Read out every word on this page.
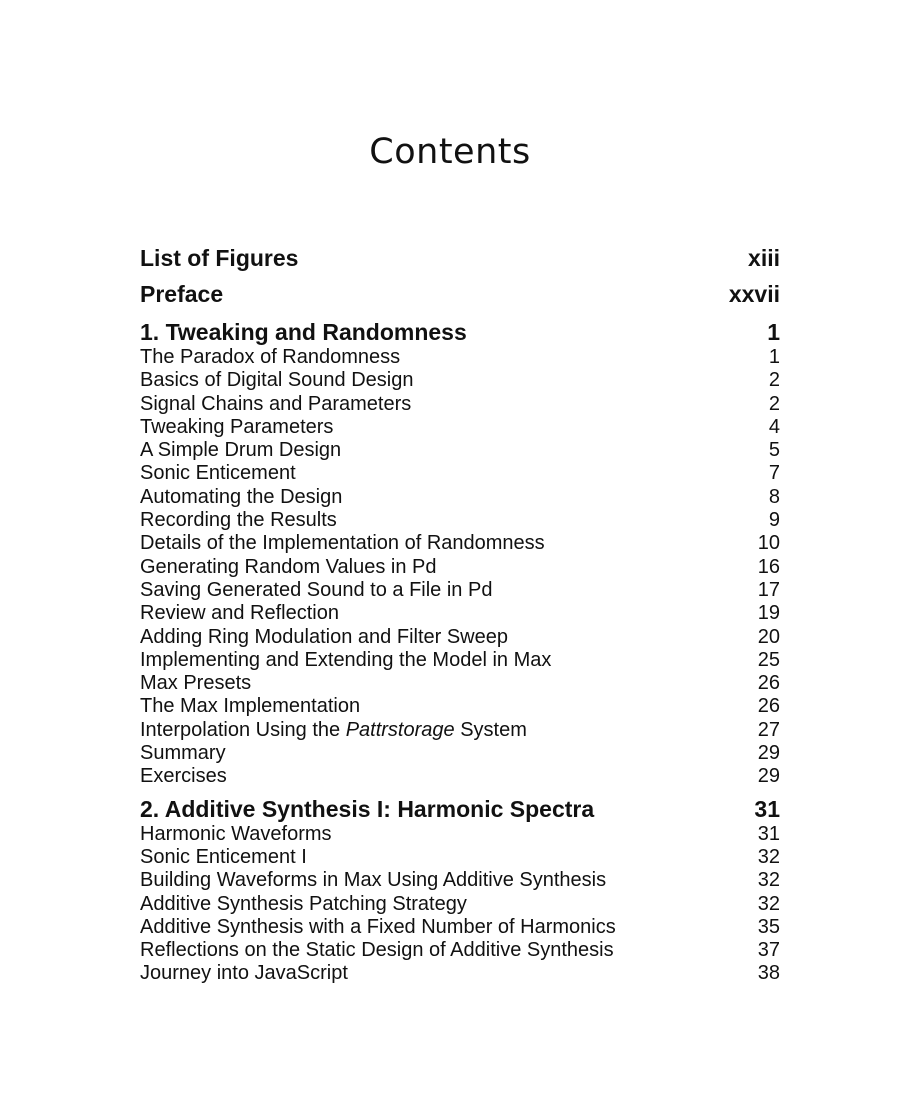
Contents
List of Figures	xiii
Preface	xxvii
1. Tweaking and Randomness	1
The Paradox of Randomness	1
Basics of Digital Sound Design	2
Signal Chains and Parameters	2
Tweaking Parameters	4
A Simple Drum Design	5
Sonic Enticement	7
Automating the Design	8
Recording the Results	9
Details of the Implementation of Randomness	10
Generating Random Values in Pd	16
Saving Generated Sound to a File in Pd	17
Review and Reflection	19
Adding Ring Modulation and Filter Sweep	20
Implementing and Extending the Model in Max	25
Max Presets	26
The Max Implementation	26
Interpolation Using the Pattrstorage System	27
Summary	29
Exercises	29
2. Additive Synthesis I: Harmonic Spectra	31
Harmonic Waveforms	31
Sonic Enticement I	32
Building Waveforms in Max Using Additive Synthesis	32
Additive Synthesis Patching Strategy	32
Additive Synthesis with a Fixed Number of Harmonics	35
Reflections on the Static Design of Additive Synthesis	37
Journey into JavaScript	38
